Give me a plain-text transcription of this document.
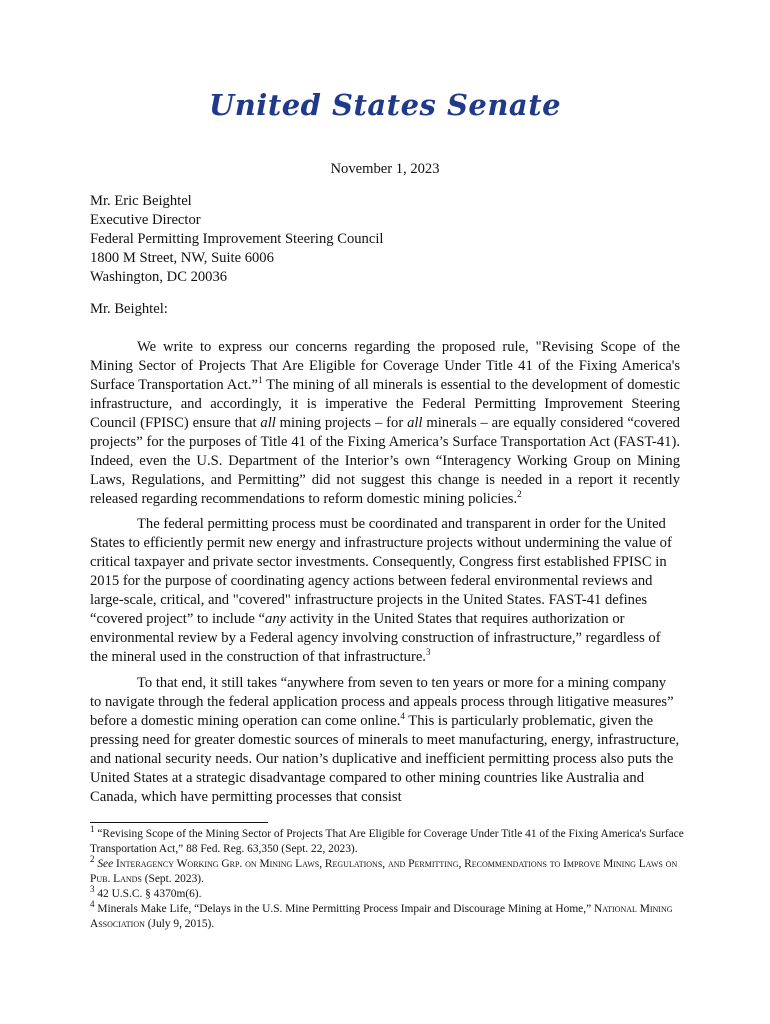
United States Senate
November 1, 2023
Mr. Eric Beightel
Executive Director
Federal Permitting Improvement Steering Council
1800 M Street, NW, Suite 6006
Washington, DC 20036
Mr. Beightel:

We write to express our concerns regarding the proposed rule, "Revising Scope of the Mining Sector of Projects That Are Eligible for Coverage Under Title 41 of the Fixing America's Surface Transportation Act.”$^1$ The mining of all minerals is essential to the development of domestic infrastructure, and accordingly, it is imperative the Federal Permitting Improvement Steering Council (FPISC) ensure that all mining projects – for all minerals – are equally considered “covered projects” for the purposes of Title 41 of the Fixing America’s Surface Transportation Act (FAST-41). Indeed, even the U.S. Department of the Interior’s own “Interagency Working Group on Mining Laws, Regulations, and Permitting” did not suggest this change is needed in a report it recently released regarding recommendations to reform domestic mining policies.$^2$

The federal permitting process must be coordinated and transparent in order for the United States to efficiently permit new energy and infrastructure projects without undermining the value of critical taxpayer and private sector investments. Consequently, Congress first established FPISC in 2015 for the purpose of coordinating agency actions between federal environmental reviews and large-scale, critical, and "covered" infrastructure projects in the United States. FAST-41 defines “covered project” to include “any activity in the United States that requires authorization or environmental review by a Federal agency involving construction of infrastructure,” regardless of the mineral used in the construction of that infrastructure.$^3$

To that end, it still takes “anywhere from seven to ten years or more for a mining company to navigate through the federal application process and appeals process through litigative measures” before a domestic mining operation can come online.$^4$ This is particularly problematic, given the pressing need for greater domestic sources of minerals to meet manufacturing, energy, infrastructure, and national security needs. Our nation’s duplicative and inefficient permitting process also puts the United States at a strategic disadvantage compared to other mining countries like Australia and Canada, which have permitting processes that consist

$^1$ “Revising Scope of the Mining Sector of Projects That Are Eligible for Coverage Under Title 41 of the Fixing America's Surface Transportation Act,” 88 Fed. Reg. 63,350 (Sept. 22, 2023).

$^2$ See Interagency Working Grp. on Mining Laws, Regulations, and Permitting, Recommendations to Improve Mining Laws on Pub. Lands (Sept. 2023).

$^3$ 42 U.S.C. § 4370m(6).

$^4$ Minerals Make Life, “Delays in the U.S. Mine Permitting Process Impair and Discourage Mining at Home,” National Mining Association (July 9, 2015).
